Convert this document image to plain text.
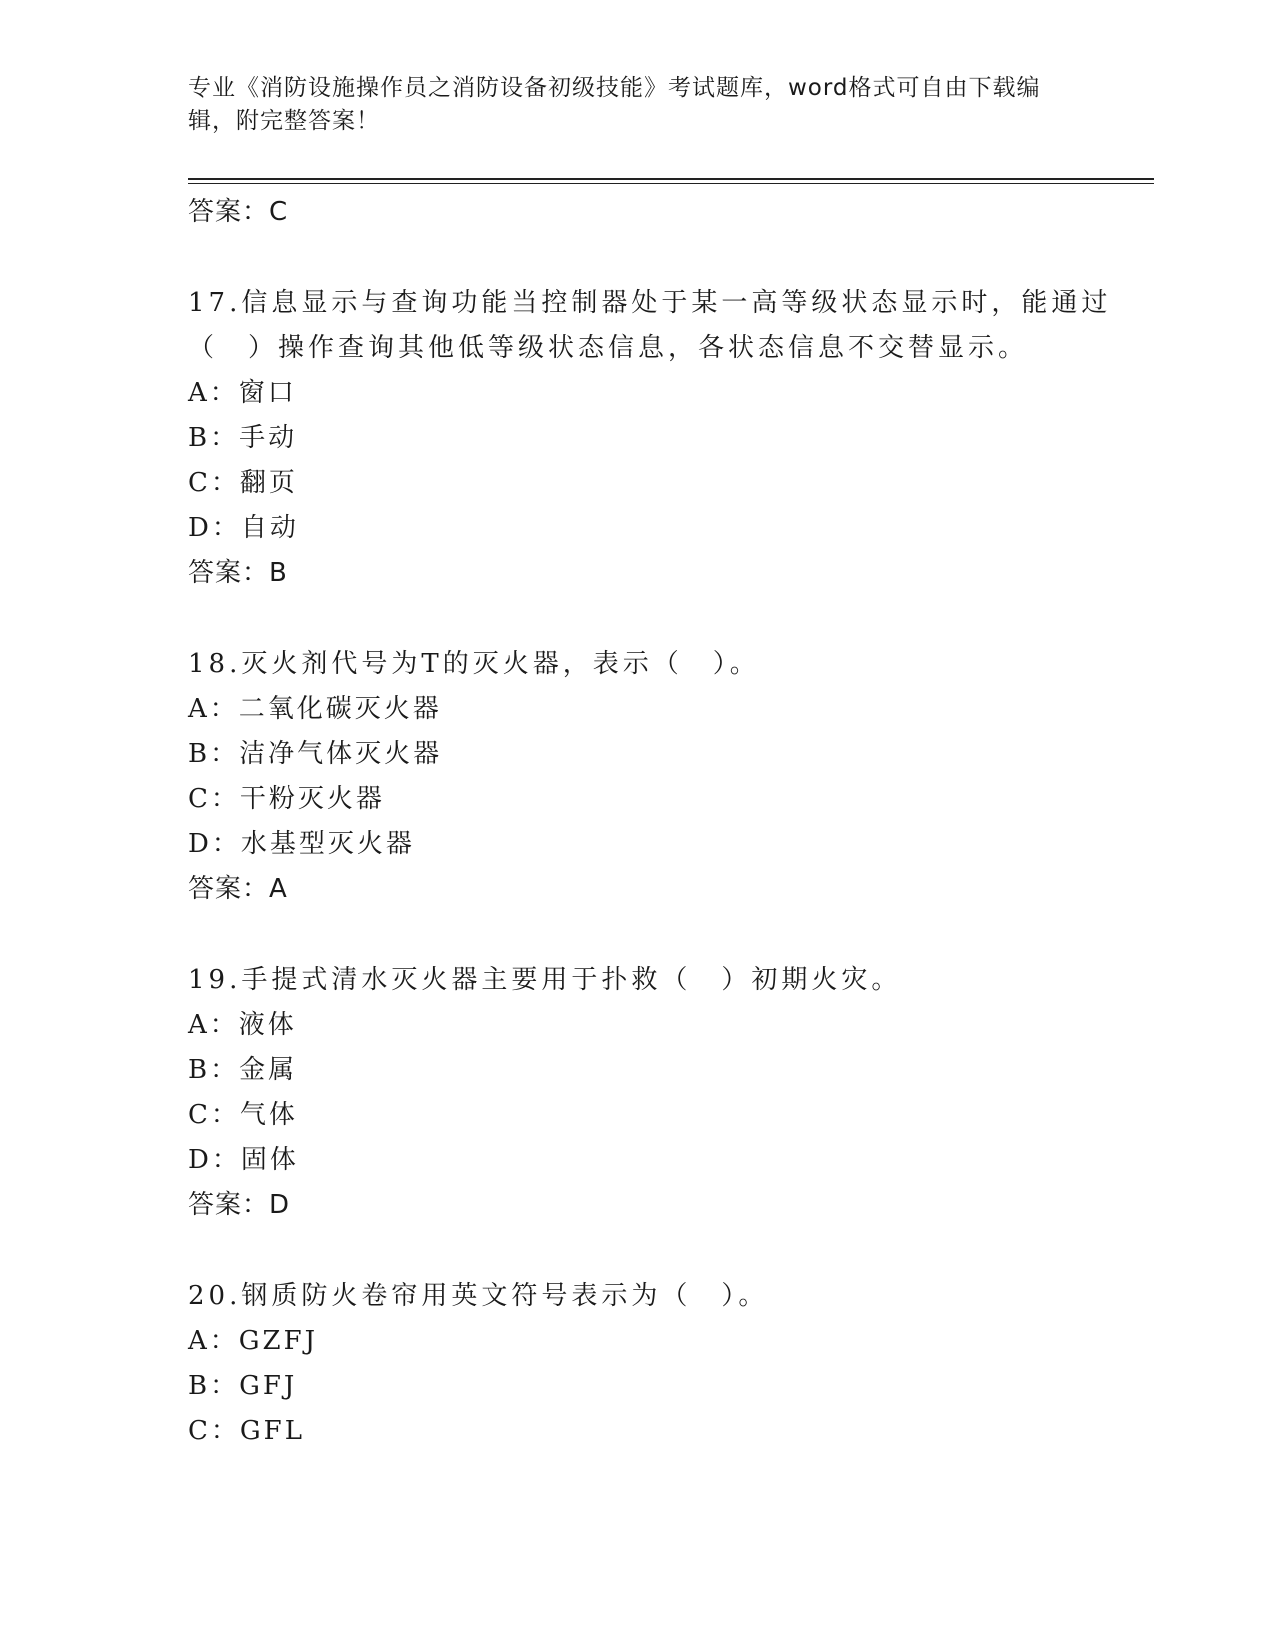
专业《消防设施操作员之消防设备初级技能》考试题库，word格式可自由下载编
辑，附完整答案！
答案：C
17.信息显示与查询功能当控制器处于某一高等级状态显示时，能通过
（　）操作查询其他低等级状态信息，各状态信息不交替显示。
A：窗口
B：手动
C：翻页
D：自动
答案：B
18.灭火剂代号为T的灭火器，表示（　）。
A：二氧化碳灭火器
B：洁净气体灭火器
C：干粉灭火器
D：水基型灭火器
答案：A
19.手提式清水灭火器主要用于扑救（　）初期火灾。
A：液体
B：金属
C：气体
D：固体
答案：D
20.钢质防火卷帘用英文符号表示为（　）。
A：GZFJ
B：GFJ
C：GFL
